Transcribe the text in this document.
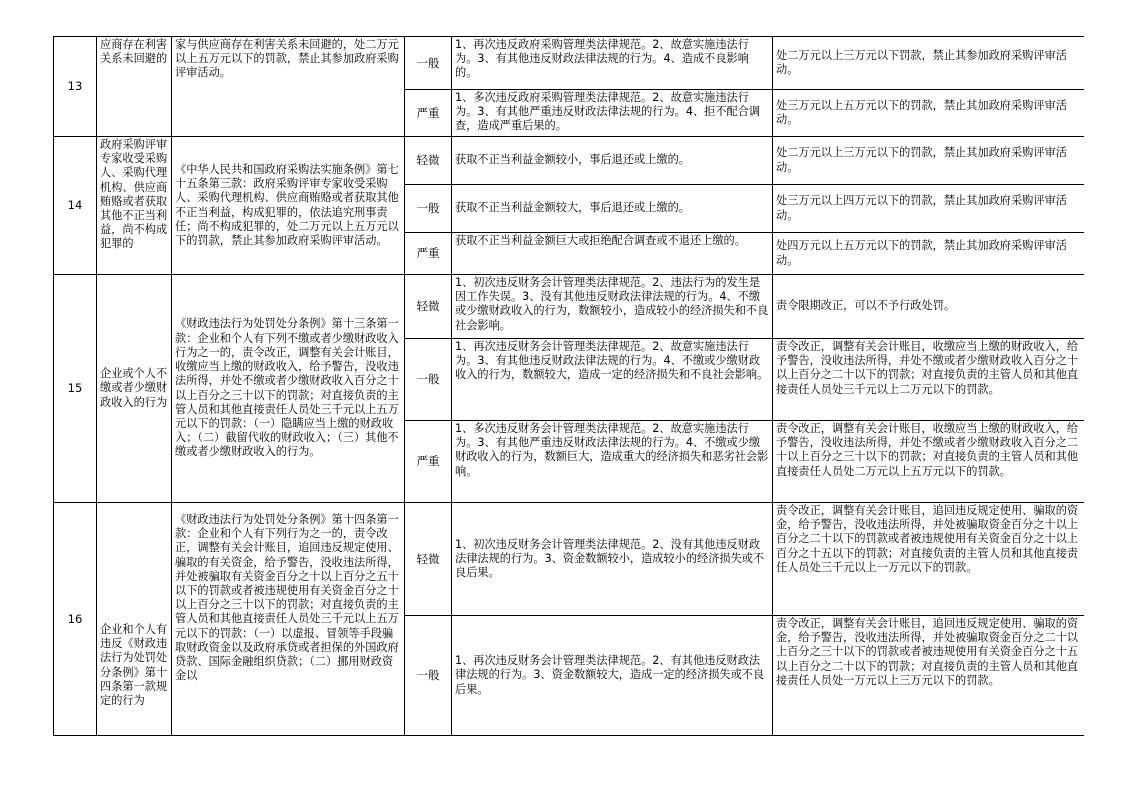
13	应商存在利害关系未回避的	家与供应商存在利害关系未回避的，处二万元以上五万元以下的罚款，禁止其参加政府采购评审活动。	一般	1、再次违反政府采购管理类法律规范。2、故意实施违法行为。3、有其他违反财政法律法规的行为。4、造成不良影响的。	处二万元以上三万元以下罚款，禁止其参加政府采购评审活动。
			严重	1、多次违反政府采购管理类法律规范。2、故意实施违法行为。3、有其他严重违反财政法律法规的行为。4、拒不配合调查，造成严重后果的。	处三万元以上五万元以下的罚款，禁止其加政府采购评审活动。
14	政府采购评审专家收受采购人、采购代理机构、供应商贿赂或者获取其他不正当利益，尚不构成犯罪的	《中华人民共和国政府采购法实施条例》第七十五条第三款：政府采购评审专家收受采购人、采购代理机构、供应商贿赂或者获取其他不正当利益，构成犯罪的，依法追究刑事责任；尚不构成犯罪的，处二万元以上五万元以下的罚款，禁止其参加政府采购评审活动。	轻微	获取不正当利益金额较小，事后退还或上缴的。	处二万元以上三万元以下的罚款，禁止其加政府采购评审活动。
			一般	获取不正当利益金额较大，事后退还或上缴的。	处三万元以上四万元以下的罚款，禁止其加政府采购评审活动。
			严重	获取不正当利益金额巨大或拒绝配合调查或不退还上缴的。	处四万元以上五万元以下的罚款，禁止其加政府采购评审活动。
15	企业或个人不缴或者少缴财政收入的行为	《财政违法行为处罚处分条例》第十三条第一款：企业和个人有下列不缴或者少缴财政收入行为之一的，责令改正，调整有关会计账目，收缴应当上缴的财政收入，给予警告，没收违法所得，并处不缴或者少缴财政收入百分之十以上百分之三十以下的罚款；对直接负责的主管人员和其他直接责任人员处三千元以上五万元以下的罚款：（一）隐瞒应当上缴的财政收入；（二）截留代收的财政收入；（三）其他不缴或者少缴财政收入的行为。	轻微	1、初次违反财务会计管理类法律规范。2、违法行为的发生是因工作失误。3、没有其他违反财政法律法规的行为。4、不缴或少缴财政收入的行为，数额较小，造成较小的经济损失和不良社会影响。	责令限期改正，可以不予行政处罚。
			一般	1、再次违反财务会计管理类法律规范。2、故意实施违法行为。3、有其他违反财政法律法规的行为。4、不缴或少缴财政收入的行为，数额较大，造成一定的经济损失和不良社会影响。	责令改正，调整有关会计账目，收缴应当上缴的财政收入，给予警告，没收违法所得，并处不缴或者少缴财政收入百分之十以上百分之二十以下的罚款；对直接负责的主管人员和其他直接责任人员处三千元以上二万元以下的罚款。
			严重	1、多次违反财务会计管理类法律规范。2、故意实施违法行为。3、有其他严重违反财政法律法规的行为。4、不缴或少缴财政收入的行为，数额巨大，造成重大的经济损失和恶劣社会影响。	责令改正，调整有关会计账目，收缴应当上缴的财政收入，给予警告，没收违法所得，并处不缴或者少缴财政收入百分之二十以上百分之三十以下的罚款；对直接负责的主管人员和其他直接责任人员处二万元以上五万元以下的罚款。
16	企业和个人有违反《财政违法行为处罚处分条例》第十四条第一款规定的行为	《财政违法行为处罚处分条例》第十四条第一款：企业和个人有下列行为之一的，责令改正，调整有关会计账目，追回违反规定使用、骗取的有关资金，给予警告，没收违法所得，并处被骗取有关资金百分之十以上百分之五十以下的罚款或者被违规使用有关资金百分之十以上百分之三十以下的罚款；对直接负责的主管人员和其他直接责任人员处三千元以上五万元以下的罚款：（一）以虚报、冒领等手段骗取财政资金以及政府承贷或者担保的外国政府贷款、国际金融组织贷款；（二）挪用财政资金以	轻微	1、初次违反财务会计管理类法律规范。2、没有其他违反财政法律法规的行为。3、资金数额较小，造成较小的经济损失或不良后果。	责令改正，调整有关会计账目，追回违反规定使用、骗取的资金，给予警告，没收违法所得，并处被骗取资金百分之十以上百分之二十以下的罚款或者被违规使用有关资金百分之十以上百分之十五以下的罚款；对直接负责的主管人员和其他直接责任人员处三千元以上一万元以下的罚款。
			一般	1、再次违反财务会计管理类法律规范。2、有其他违反财政法律法规的行为。3、资金数额较大，造成一定的经济损失或不良后果。	责令改正，调整有关会计账目，追回违反规定使用、骗取的资金，给予警告，没收违法所得，并处被骗取资金百分之二十以上百分之三十以下的罚款或者被违规使用有关资金百分之十五以上百分之二十以下的罚款；对直接负责的主管人员和其他直接责任人员处一万元以上三万元以下的罚款。
